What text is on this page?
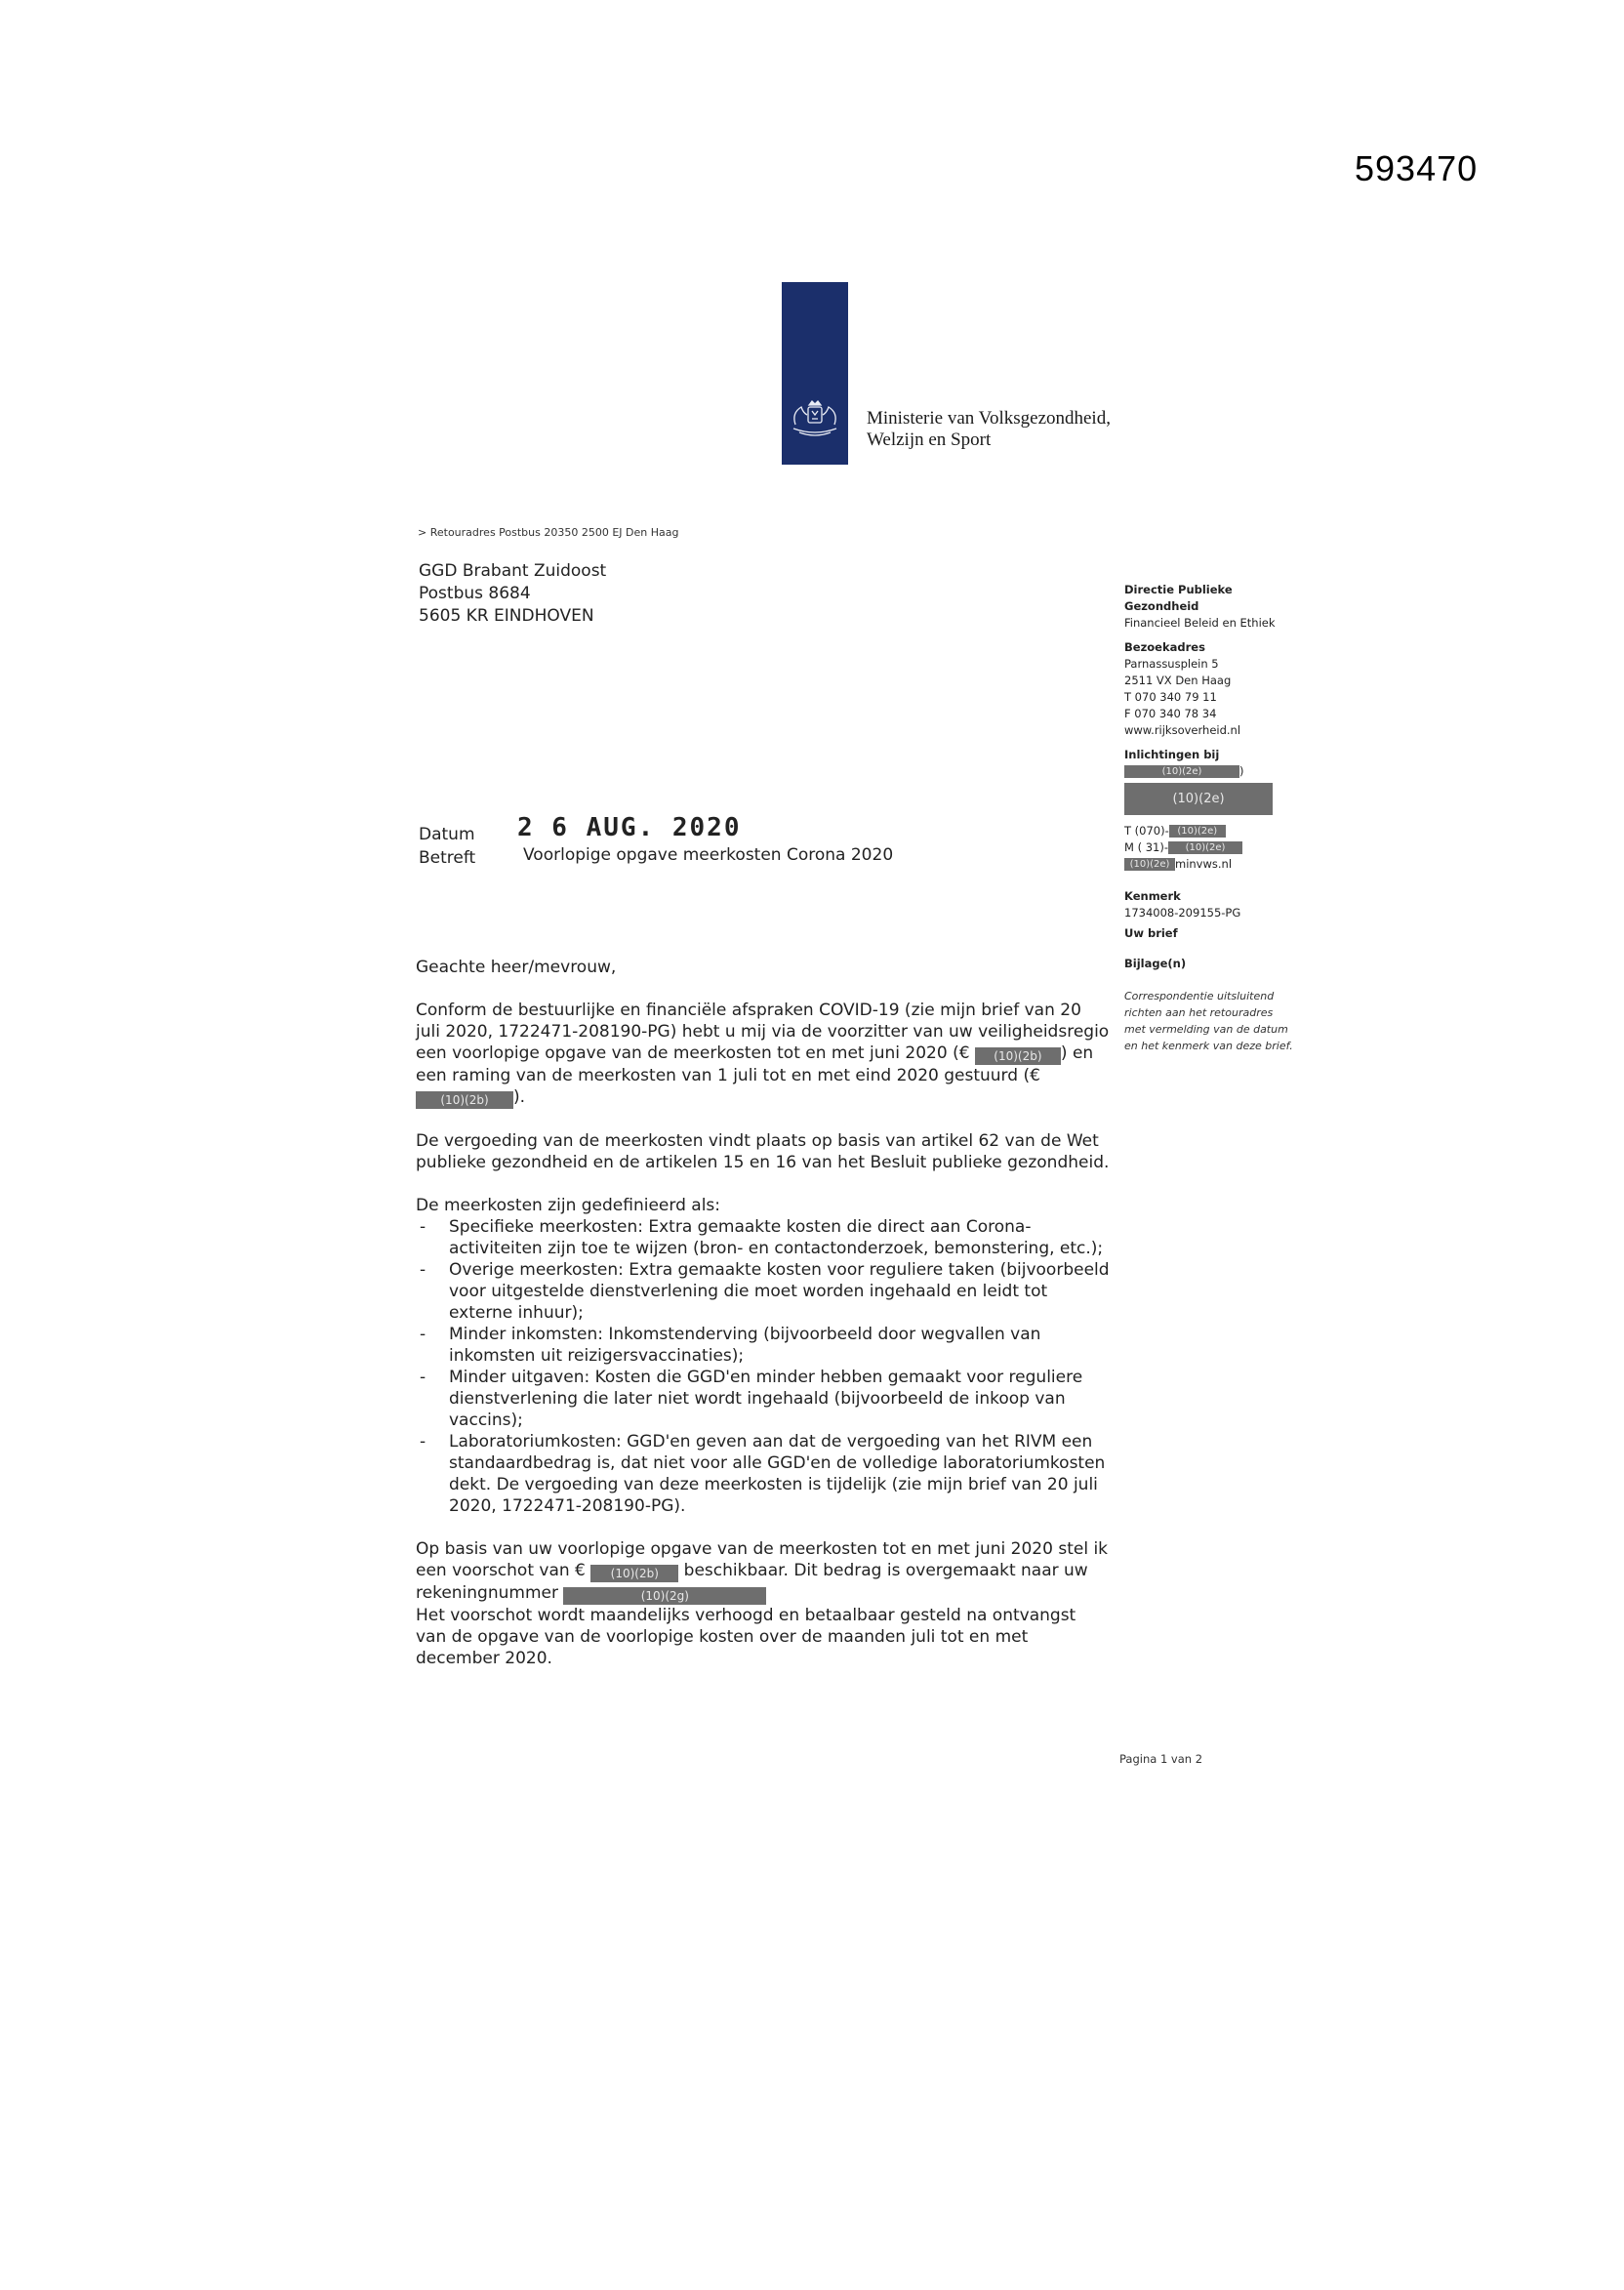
593470
Ministerie van Volksgezondheid,
Welzijn en Sport
> Retouradres Postbus 20350 2500 EJ Den Haag
GGD Brabant Zuidoost
Postbus 8684
5605 KR EINDHOVEN
Directie Publieke
Gezondheid
Financieel Beleid en Ethiek
Bezoekadres
Parnassusplein 5
2511 VX Den Haag
T 070 340 79 11
F 070 340 78 34
www.rijksoverheid.nl
Inlichtingen bij
(10)(2e)	)
(10)(2e)
T (070)- (10)(2e)
M ( 31)- (10)(2e)
(10)(2e) minvws.nl
Kenmerk
1734008-209155-PG
Uw brief
Bijlage(n)
Correspondentie uitsluitend richten aan het retouradres met vermelding van de datum en het kenmerk van deze brief.
Datum
Betreft
2 6 AUG. 2020
Voorlopige opgave meerkosten Corona 2020

Geachte heer/mevrouw,

Conform de bestuurlijke en financiële afspraken COVID-19 (zie mijn brief van 20 juli 2020, 1722471-208190-PG) hebt u mij via de voorzitter van uw veiligheidsregio een voorlopige opgave van de meerkosten tot en met juni 2020 (€ (10)(2b) ) en een raming van de meerkosten van 1 juli tot en met eind 2020 gestuurd (€ (10)(2b) ).

De vergoeding van de meerkosten vindt plaats op basis van artikel 62 van de Wet publieke gezondheid en de artikelen 15 en 16 van het Besluit publieke gezondheid.

De meerkosten zijn gedefinieerd als:
- Specifieke meerkosten: Extra gemaakte kosten die direct aan Corona-activiteiten zijn toe te wijzen (bron- en contactonderzoek, bemonstering, etc.);
- Overige meerkosten: Extra gemaakte kosten voor reguliere taken (bijvoorbeeld voor uitgestelde dienstverlening die moet worden ingehaald en leidt tot externe inhuur);
- Minder inkomsten: Inkomstenderving (bijvoorbeeld door wegvallen van inkomsten uit reizigersvaccinaties);
- Minder uitgaven: Kosten die GGD'en minder hebben gemaakt voor reguliere dienstverlening die later niet wordt ingehaald (bijvoorbeeld de inkoop van vaccins);
- Laboratoriumkosten: GGD'en geven aan dat de vergoeding van het RIVM een standaardbedrag is, dat niet voor alle GGD'en de volledige laboratoriumkosten dekt. De vergoeding van deze meerkosten is tijdelijk (zie mijn brief van 20 juli 2020, 1722471-208190-PG).
Op basis van uw voorlopige opgave van de meerkosten tot en met juni 2020 stel ik een voorschot van € (10)(2b) beschikbaar. Dit bedrag is overgemaakt naar uw rekeningnummer	(10)(2g)
Het voorschot wordt maandelijks verhoogd en betaalbaar gesteld na ontvangst van de opgave van de voorlopige kosten over de maanden juli tot en met december 2020.
Pagina 1 van 2
